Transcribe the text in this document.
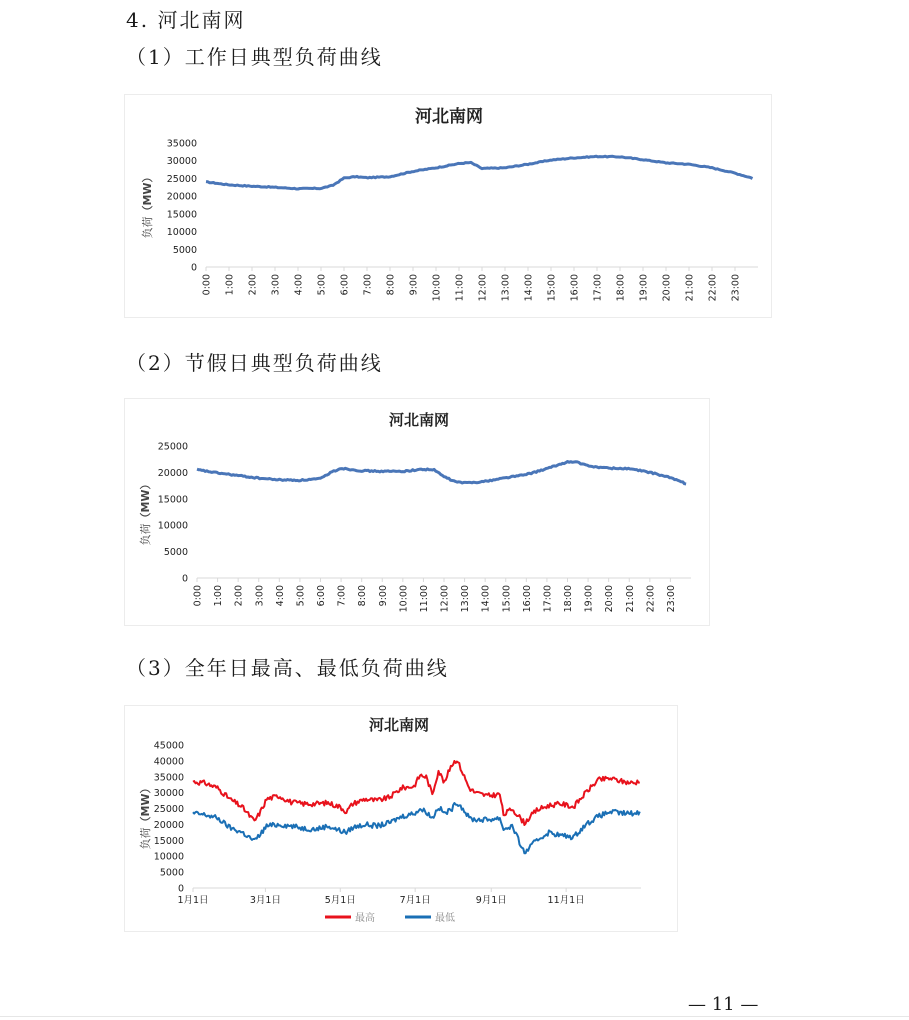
4. 河北南网
（1）工作日典型负荷曲线
河北南网
负荷（MW）
0
5000
10000
15000
20000
25000
30000
35000
0:00 1:00 2:00 3:00 4:00 5:00 6:00 7:00 8:00 9:00 10:00 11:00 12:00 13:00 14:00 15:00 16:00 17:00 18:00 19:00 20:00 21:00 22:00 23:00
（2）节假日典型负荷曲线
河北南网
负荷（MW）
0
5000
10000
15000
20000
25000
0:00 1:00 2:00 3:00 4:00 5:00 6:00 7:00 8:00 9:00 10:00 11:00 12:00 13:00 14:00 15:00 16:00 17:00 18:00 19:00 20:00 21:00 22:00 23:00
（3）全年日最高、最低负荷曲线
河北南网
负荷（MW）
0
5000
10000
15000
20000
25000
30000
35000
40000
45000
1月1日	3月1日	5月1日	7月1日	9月1日	11月1日
最高	最低
— 11 —
